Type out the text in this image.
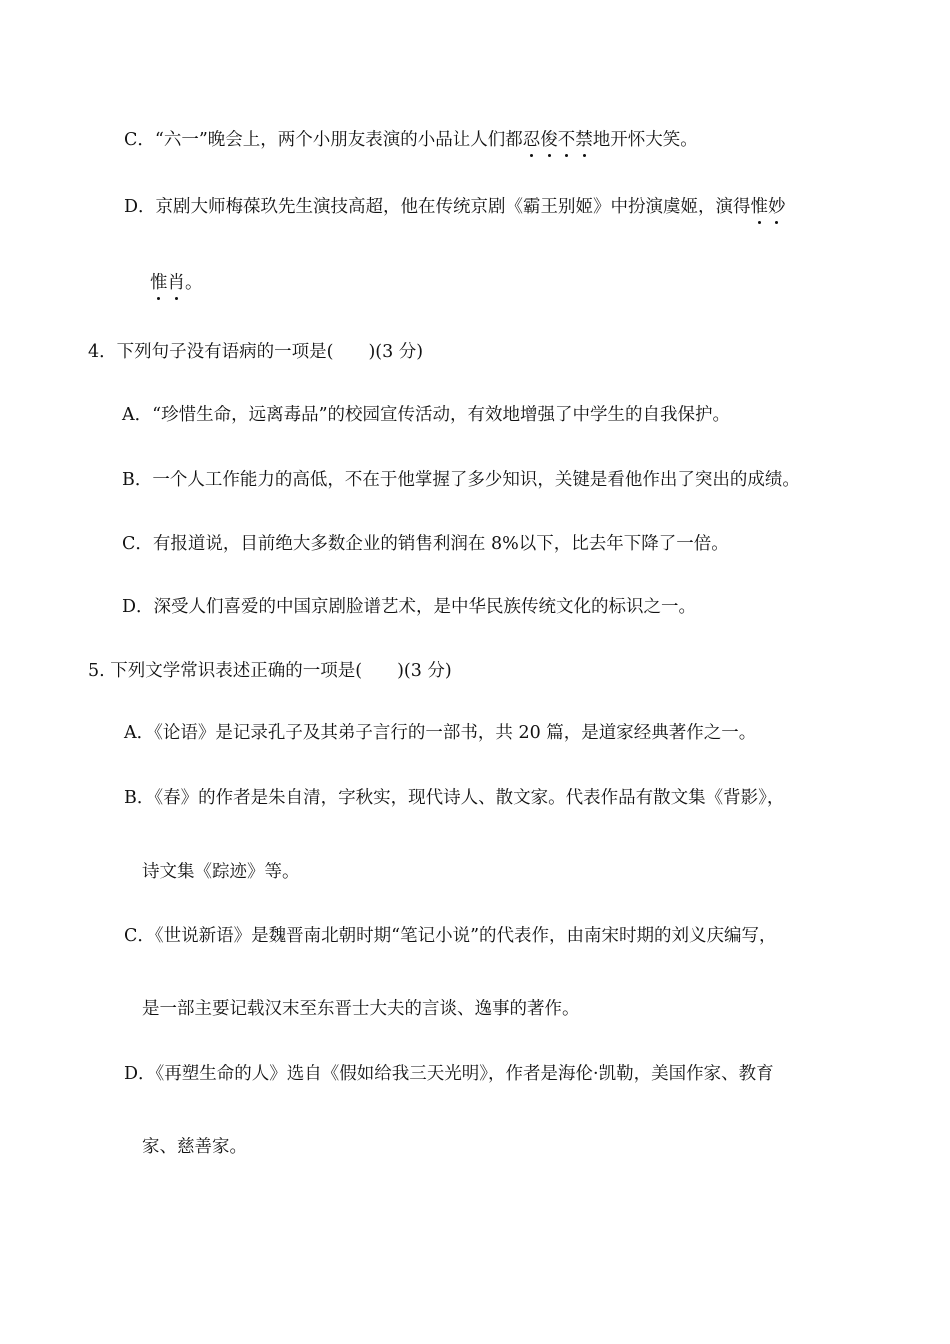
C．“六一”晚会上，两个小朋友表演的小品让人们都忍俊不禁地开怀大笑。
D．京剧大师梅葆玖先生演技高超，他在传统京剧《霸王别姬》中扮演虞姬，演得惟妙
惟肖。
4．下列句子没有语病的一项是(　　)(3 分)
A．“珍惜生命，远离毒品”的校园宣传活动，有效地增强了中学生的自我保护。
B．一个人工作能力的高低，不在于他掌握了多少知识，关键是看他作出了突出的成绩。
C．有报道说，目前绝大多数企业的销售利润在 8%以下，比去年下降了一倍。
D．深受人们喜爱的中国京剧脸谱艺术，是中华民族传统文化的标识之一。
5. 下列文学常识表述正确的一项是(　　)(3 分)
A．《论语》是记录孔子及其弟子言行的一部书，共 20 篇，是道家经典著作之一。
B．《春》的作者是朱自清，字秋实，现代诗人、散文家。代表作品有散文集《背影》，
诗文集《踪迹》等。
C．《世说新语》是魏晋南北朝时期“笔记小说”的代表作，由南宋时期的刘义庆编写，
是一部主要记载汉末至东晋士大夫的言谈、逸事的著作。
D．《再塑生命的人》选自《假如给我三天光明》，作者是海伦·凯勒，美国作家、教育
家、慈善家。
